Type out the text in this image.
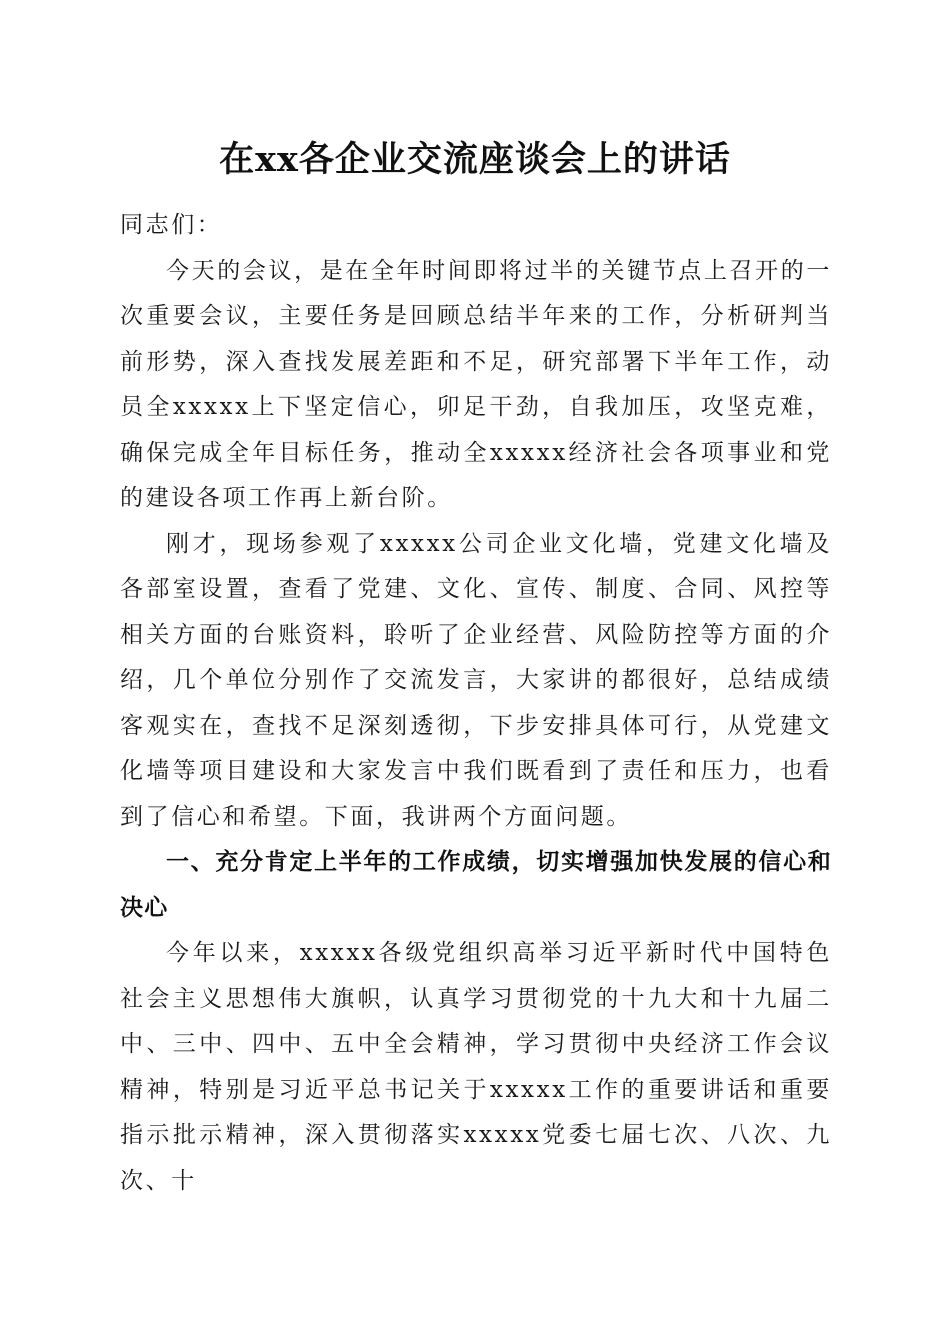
在xx各企业交流座谈会上的讲话

同志们：

今天的会议，是在全年时间即将过半的关键节点上召开的一次重要会议，主要任务是回顾总结半年来的工作，分析研判当前形势，深入查找发展差距和不足，研究部署下半年工作，动员全xxxxx上下坚定信心，卯足干劲，自我加压，攻坚克难，确保完成全年目标任务，推动全xxxxx经济社会各项事业和党的建设各项工作再上新台阶。

刚才，现场参观了xxxxx公司企业文化墙，党建文化墙及各部室设置，查看了党建、文化、宣传、制度、合同、风控等相关方面的台账资料，聆听了企业经营、风险防控等方面的介绍，几个单位分别作了交流发言，大家讲的都很好，总结成绩客观实在，查找不足深刻透彻，下步安排具体可行，从党建文化墙等项目建设和大家发言中我们既看到了责任和压力，也看到了信心和希望。下面，我讲两个方面问题。

一、充分肯定上半年的工作成绩，切实增强加快发展的信心和决心

今年以来，xxxxx各级党组织高举习近平新时代中国特色社会主义思想伟大旗帜，认真学习贯彻党的十九大和十九届二中、三中、四中、五中全会精神，学习贯彻中央经济工作会议精神，特别是习近平总书记关于xxxxx工作的重要讲话和重要指示批示精神，深入贯彻落实xxxxx党委七届七次、八次、九次、十
